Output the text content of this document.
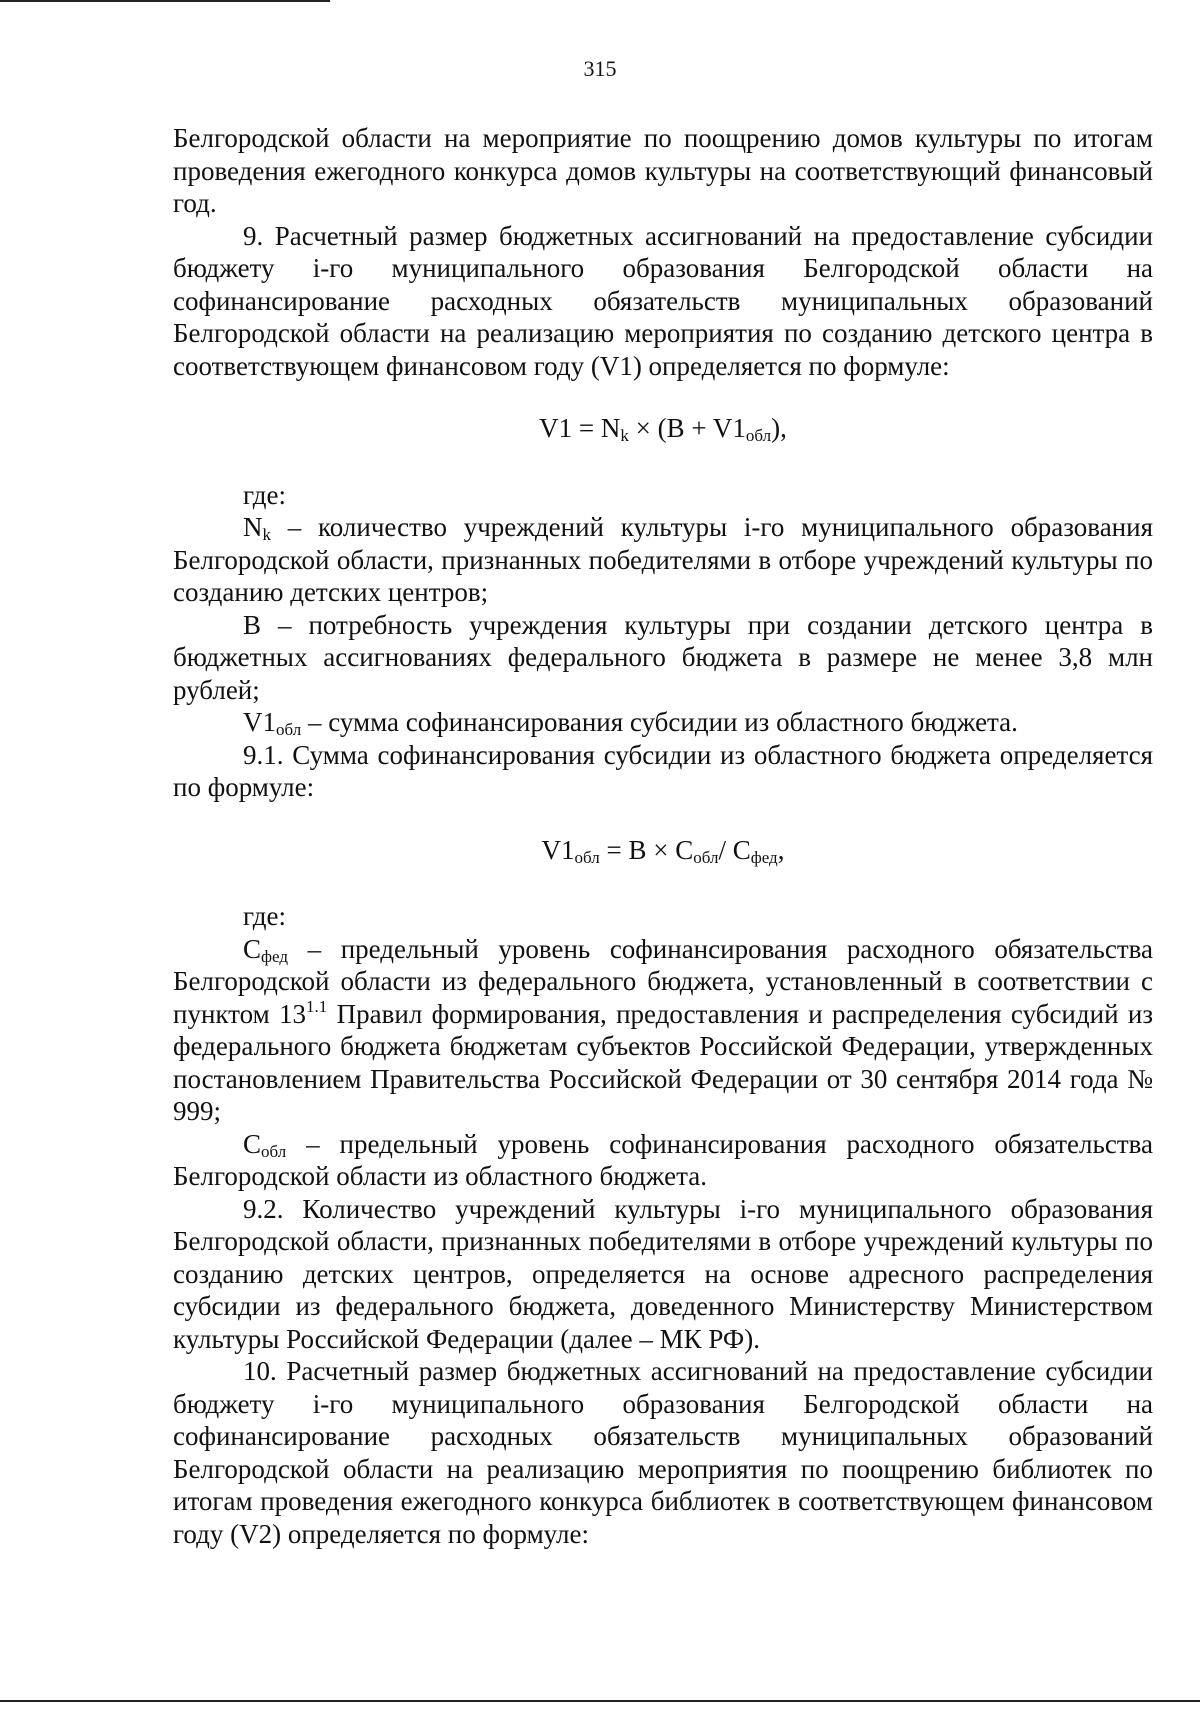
315

Белгородской области на мероприятие по поощрению домов культуры по итогам проведения ежегодного конкурса домов культуры на соответствующий финансовый год.

9. Расчетный размер бюджетных ассигнований на предоставление субсидии бюджету i-го муниципального образования Белгородской области на софинансирование расходных обязательств муниципальных образований Белгородской области на реализацию мероприятия по созданию детского центра в соответствующем финансовом году (V1) определяется по формуле:

$V1 = N_k \times (B + V1_{обл})$,

где:

$N_k$ – количество учреждений культуры i-го муниципального образования Белгородской области, признанных победителями в отборе учреждений культуры по созданию детских центров;

B – потребность учреждения культуры при создании детского центра в бюджетных ассигнованиях федерального бюджета в размере не менее 3,8 млн рублей;

$V1_{обл}$ – сумма софинансирования субсидии из областного бюджета.

9.1. Сумма софинансирования субсидии из областного бюджета определяется по формуле:

$V1_{обл} = B \times C_{обл}/$ $C_{фед}$,

где:

$C_{фед}$ – предельный уровень софинансирования расходного обязательства Белгородской области из федерального бюджета, установленный в соответствии с пунктом $13^{1.1}$ Правил формирования, предоставления и распределения субсидий из федерального бюджета бюджетам субъектов Российской Федерации, утвержденных постановлением Правительства Российской Федерации от 30 сентября 2014 года № 999;

$C_{обл}$ – предельный уровень софинансирования расходного обязательства Белгородской области из областного бюджета.

9.2. Количество учреждений культуры i-го муниципального образования Белгородской области, признанных победителями в отборе учреждений культуры по созданию детских центров, определяется на основе адресного распределения субсидии из федерального бюджета, доведенного Министерству Министерством культуры Российской Федерации (далее – МК РФ).

10. Расчетный размер бюджетных ассигнований на предоставление субсидии бюджету i-го муниципального образования Белгородской области на софинансирование расходных обязательств муниципальных образований Белгородской области на реализацию мероприятия по поощрению библиотек по итогам проведения ежегодного конкурса библиотек в соответствующем финансовом году (V2) определяется по формуле:
